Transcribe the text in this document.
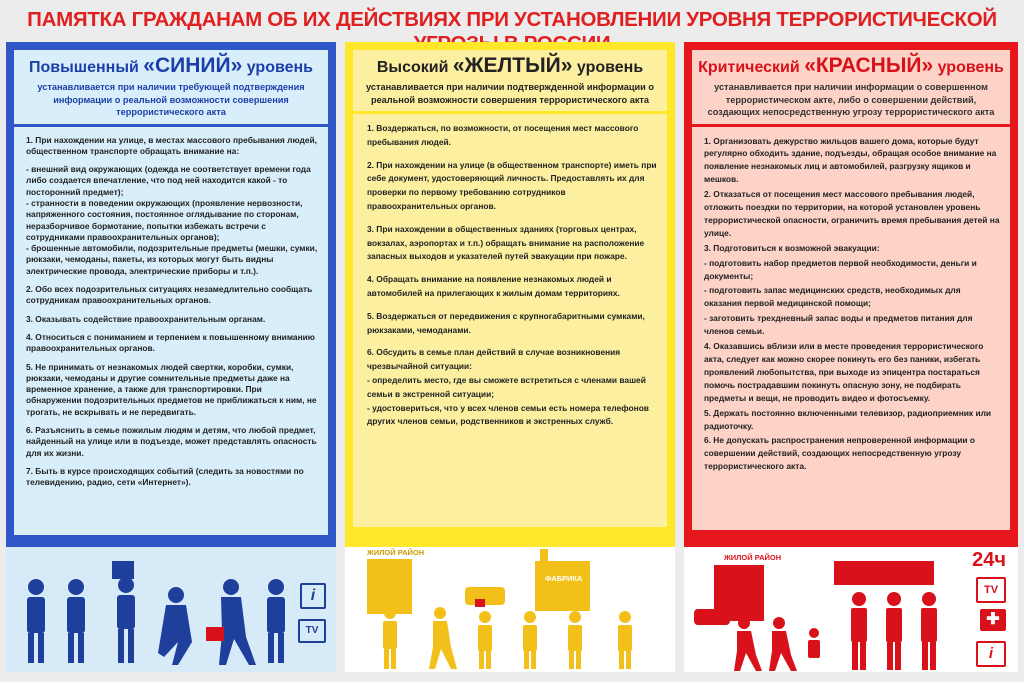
ПАМЯТКА ГРАЖДАНАМ ОБ ИХ ДЕЙСТВИЯХ ПРИ УСТАНОВЛЕНИИ УРОВНЯ ТЕРРОРИСТИЧЕСКОЙ
Повышенный «СИНИЙ» уровень
устанавливается при наличии требующей подтверждения информации о реальной возможности совершения террористического акта

1. При нахождении на улице, в местах массового пребывания людей, общественном транспорте обращать внимание на:

- внешний вид окружающих (одежда не соответствует времени года либо создается впечатление, что под ней находится какой - то посторонний предмет);

- странности в поведении окружающих (проявление нервозности, напряженного состояния, постоянное оглядывание по сторонам, неразборчивое бормотание, попытки избежать встречи с сотрудниками правоохранительных органов);

- брошенные автомобили, подозрительные предметы (мешки, сумки, рюкзаки, чемоданы, пакеты, из которых могут быть видны электрические провода, электрические приборы и т.п.).

2. Обо всех подозрительных ситуациях незамедлительно сообщать сотрудникам правоохранительных органов.

3. Оказывать содействие правоохранительным органам.

4. Относиться с пониманием и терпением к повышенному вниманию правоохранительных органов.

5. Не принимать от незнакомых людей свертки, коробки, сумки, рюкзаки, чемоданы и другие сомнительные предметы даже на временное хранение, а также для транспортировки. При обнаружении подозрительных предметов не приближаться к ним, не трогать, не вскрывать и не передвигать.

6. Разъяснить в семье пожилым людям и детям, что любой предмет, найденный на улице или в подъезде, может представлять опасность для их жизни.

7. Быть в курсе происходящих событий (следить за новостями по телевидению, радио, сети «Интернет»).

i
TV
Высокий «ЖЕЛТЫЙ» уровень
устанавливается при наличии подтвержденной информации о реальной возможности совершения террористического акта

1. Воздержаться, по возможности, от посещения мест массового пребывания людей.

2. При нахождении на улице (в общественном транспорте) иметь при себе документ, удостоверяющий личность. Предоставлять их для проверки по первому требованию сотрудников правоохранительных органов.

3. При нахождении в общественных зданиях (торговых центрах, вокзалах, аэропортах и т.п.) обращать внимание на расположение запасных выходов и указателей путей эвакуации при пожаре.

4. Обращать внимание на появление незнакомых людей и автомобилей на прилегающих к жилым домам территориях.

5. Воздержаться от передвижения с крупногабаритными сумками, рюкзаками, чемоданами.

6. Обсудить в семье план действий в случае возникновения чрезвычайной ситуации:

- определить место, где вы сможете встретиться с членами вашей семьи в экстренной ситуации;

- удостовериться, что у всех членов семьи есть номера телефонов других членов семьи, родственников и экстренных служб.

ЖИЛОЙ РАЙОН
ФАБРИКА
Критический «КРАСНЫЙ» уровень
устанавливается при наличии информации о совершенном террористическом акте, либо о совершении действий, создающих непосредственную угрозу террористического акта

1. Организовать дежурство жильцов вашего дома, которые будут регулярно обходить здание, подъезды, обращая особое внимание на появление незнакомых лиц и автомобилей, разгрузку ящиков и мешков.

2. Отказаться от посещения мест массового пребывания людей, отложить поездки по территории, на которой установлен уровень террористической опасности, ограничить время пребывания детей на улице.

3. Подготовиться к возможной эвакуации:

- подготовить набор предметов первой необходимости, деньги и документы;

- подготовить запас медицинских средств, необходимых для оказания первой медицинской помощи;

- заготовить трехдневный запас воды и предметов питания для членов семьи.

4. Оказавшись вблизи или в месте проведения террористического акта, следует как можно скорее покинуть его без паники, избегать проявлений любопытства, при выходе из эпицентра постараться помочь пострадавшим покинуть опасную зону, не подбирать предметы и вещи, не проводить видео и фотосъемку.

5. Держать постоянно включенными телевизор, радиоприемник или радиоточку.

6. Не допускать распространения непроверенной информации о совершении действий, создающих непосредственную угрозу террористического акта.

ЖИЛОЙ РАЙОН	24ч
TV
✚
i
